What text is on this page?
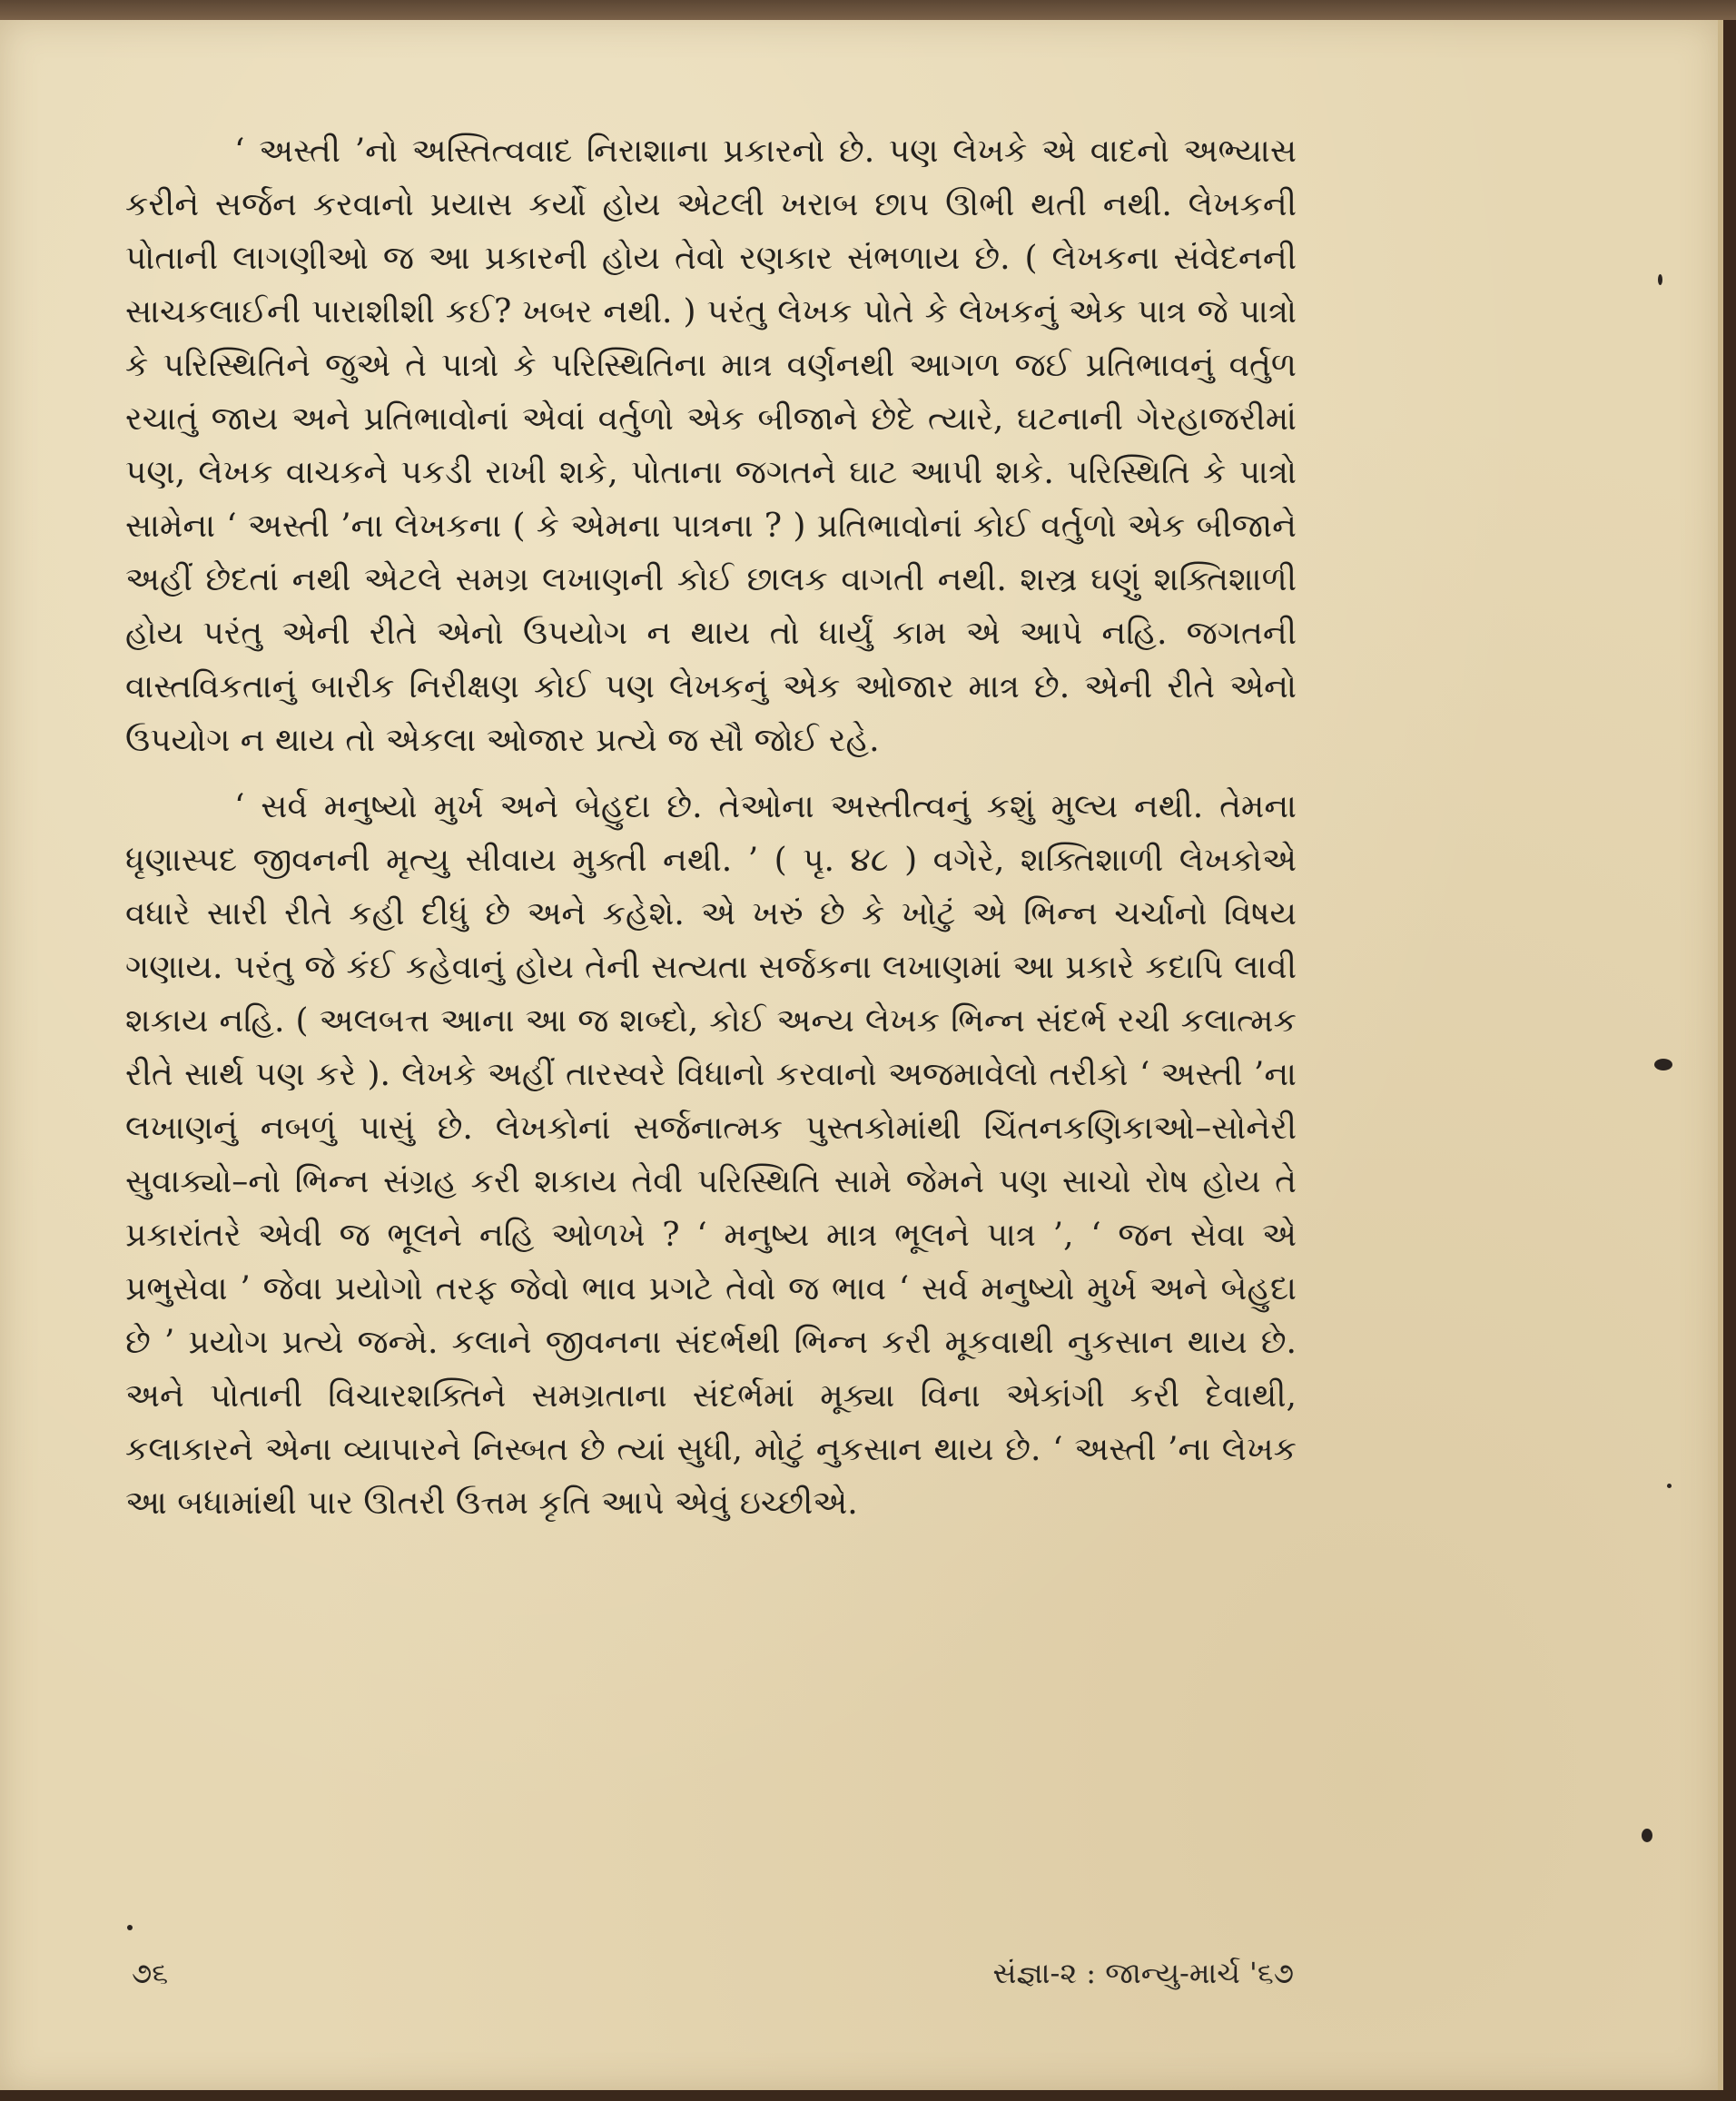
‘ અસ્તી ’નો અસ્તિત્વવાદ નિરાશાના પ્રકારનો છે. પણ લેખકે એ વાદનો અભ્યાસ કરીને સર્જન કરવાનો પ્રયાસ કર્યો હોય એટલી ખરાબ છાપ ઊભી થતી નથી. લેખકની પોતાની લાગણીઓ જ આ પ્રકારની હોય તેવો રણકાર સંભળાય છે. ( લેખકના સંવેદનની સાચકલાઈની પારાશીશી કઈ? ખબર નથી. ) પરંતુ લેખક પોતે કે લેખકનું એક પાત્ર જે પાત્રો કે પરિસ્થિતિને જુએ તે પાત્રો કે પરિસ્થિતિના માત્ર વર્ણનથી આગળ જઈ પ્રતિભાવનું વર્તુળ રચાતું જાય અને પ્રતિભાવોનાં એવાં વર્તુળો એક બીજાને છેદે ત્યારે, ઘટનાની ગેરહાજરીમાં પણ, લેખક વાચકને પકડી રાખી શકે, પોતાના જગતને ઘાટ આપી શકે. પરિસ્થિતિ કે પાત્રો સામેના ‘ અસ્તી ’ના લેખકના ( કે એમના પાત્રના ? ) પ્રતિભાવોનાં કોઈ વર્તુળો એક બીજાને અહીં છેદતાં નથી એટલે સમગ્ર લખાણની કોઈ છાલક વાગતી નથી. શસ્ત્ર ઘણું શક્તિશાળી હોય પરંતુ એની રીતે એનો ઉપયોગ ન થાય તો ધાર્યું કામ એ આપે નહિ. જગતની વાસ્તવિકતાનું બારીક નિરીક્ષણ કોઈ પણ લેખકનું એક ઓજાર માત્ર છે. એની રીતે એનો ઉપયોગ ન થાય તો એકલા ઓજાર પ્રત્યે જ સૌ જોઈ રહે.

‘ સર્વ મનુષ્યો મુર્ખ અને બેહુદા છે. તેઓના અસ્તીત્વનું કશું મુલ્ય નથી. તેમના ધૃણાસ્પદ જીવનની મૃત્યુ સીવાય મુક્તી નથી. ’ ( પૃ. ૪૮ ) વગેરે, શક્તિશાળી લેખકોએ વધારે સારી રીતે કહી દીધું છે અને કહેશે. એ ખરું છે કે ખોટું એ ભિન્ન ચર્ચાનો વિષય ગણાય. પરંતુ જે કંઈ કહેવાનું હોય તેની સત્યતા સર્જકના લખાણમાં આ પ્રકારે કદાપિ લાવી શકાય નહિ. ( અલબત્ત આના આ જ શબ્દો, કોઈ અન્ય લેખક ભિન્ન સંદર્ભ રચી કલાત્મક રીતે સાર્થ પણ કરે ). લેખકે અહીં તારસ્વરે વિધાનો કરવાનો અજમાવેલો તરીકો ‘ અસ્તી ’ના લખાણનું નબળું પાસું છે. લેખકોનાં સર્જનાત્મક પુસ્તકોમાંથી ચિંતનકણિકાઓ–સોનેરી સુવાક્યો–નો ભિન્ન સંગ્રહ કરી શકાય તેવી પરિસ્થિતિ સામે જેમને પણ સાચો રોષ હોય તે પ્રકારાંતરે એવી જ ભૂલને નહિ ઓળખે ? ‘ મનુષ્ય માત્ર ભૂલને પાત્ર ’, ‘ જન સેવા એ પ્રભુસેવા ’ જેવા પ્રયોગો તરફ જેવો ભાવ પ્રગટે તેવો જ ભાવ ‘ સર્વ મનુષ્યો મુર્ખ અને બેહુદા છે ’ પ્રયોગ પ્રત્યે જન્મે. કલાને જીવનના સંદર્ભથી ભિન્ન કરી મૂકવાથી નુકસાન થાય છે. અને પોતાની વિચારશક્તિને સમગ્રતાના સંદર્ભમાં મૂક્યા વિના એકાંગી કરી દેવાથી, કલાકારને એના વ્યાપારને નિસ્બત છે ત્યાં સુધી, મોટું નુકસાન થાય છે. ‘ અસ્તી ’ના લેખક આ બધામાંથી પાર ઊતરી ઉત્તમ કૃતિ આપે એવું ઇચ્છીએ.

૭૬	સંજ્ઞા-૨ : જાન્યુ-માર્ચ '૬૭
